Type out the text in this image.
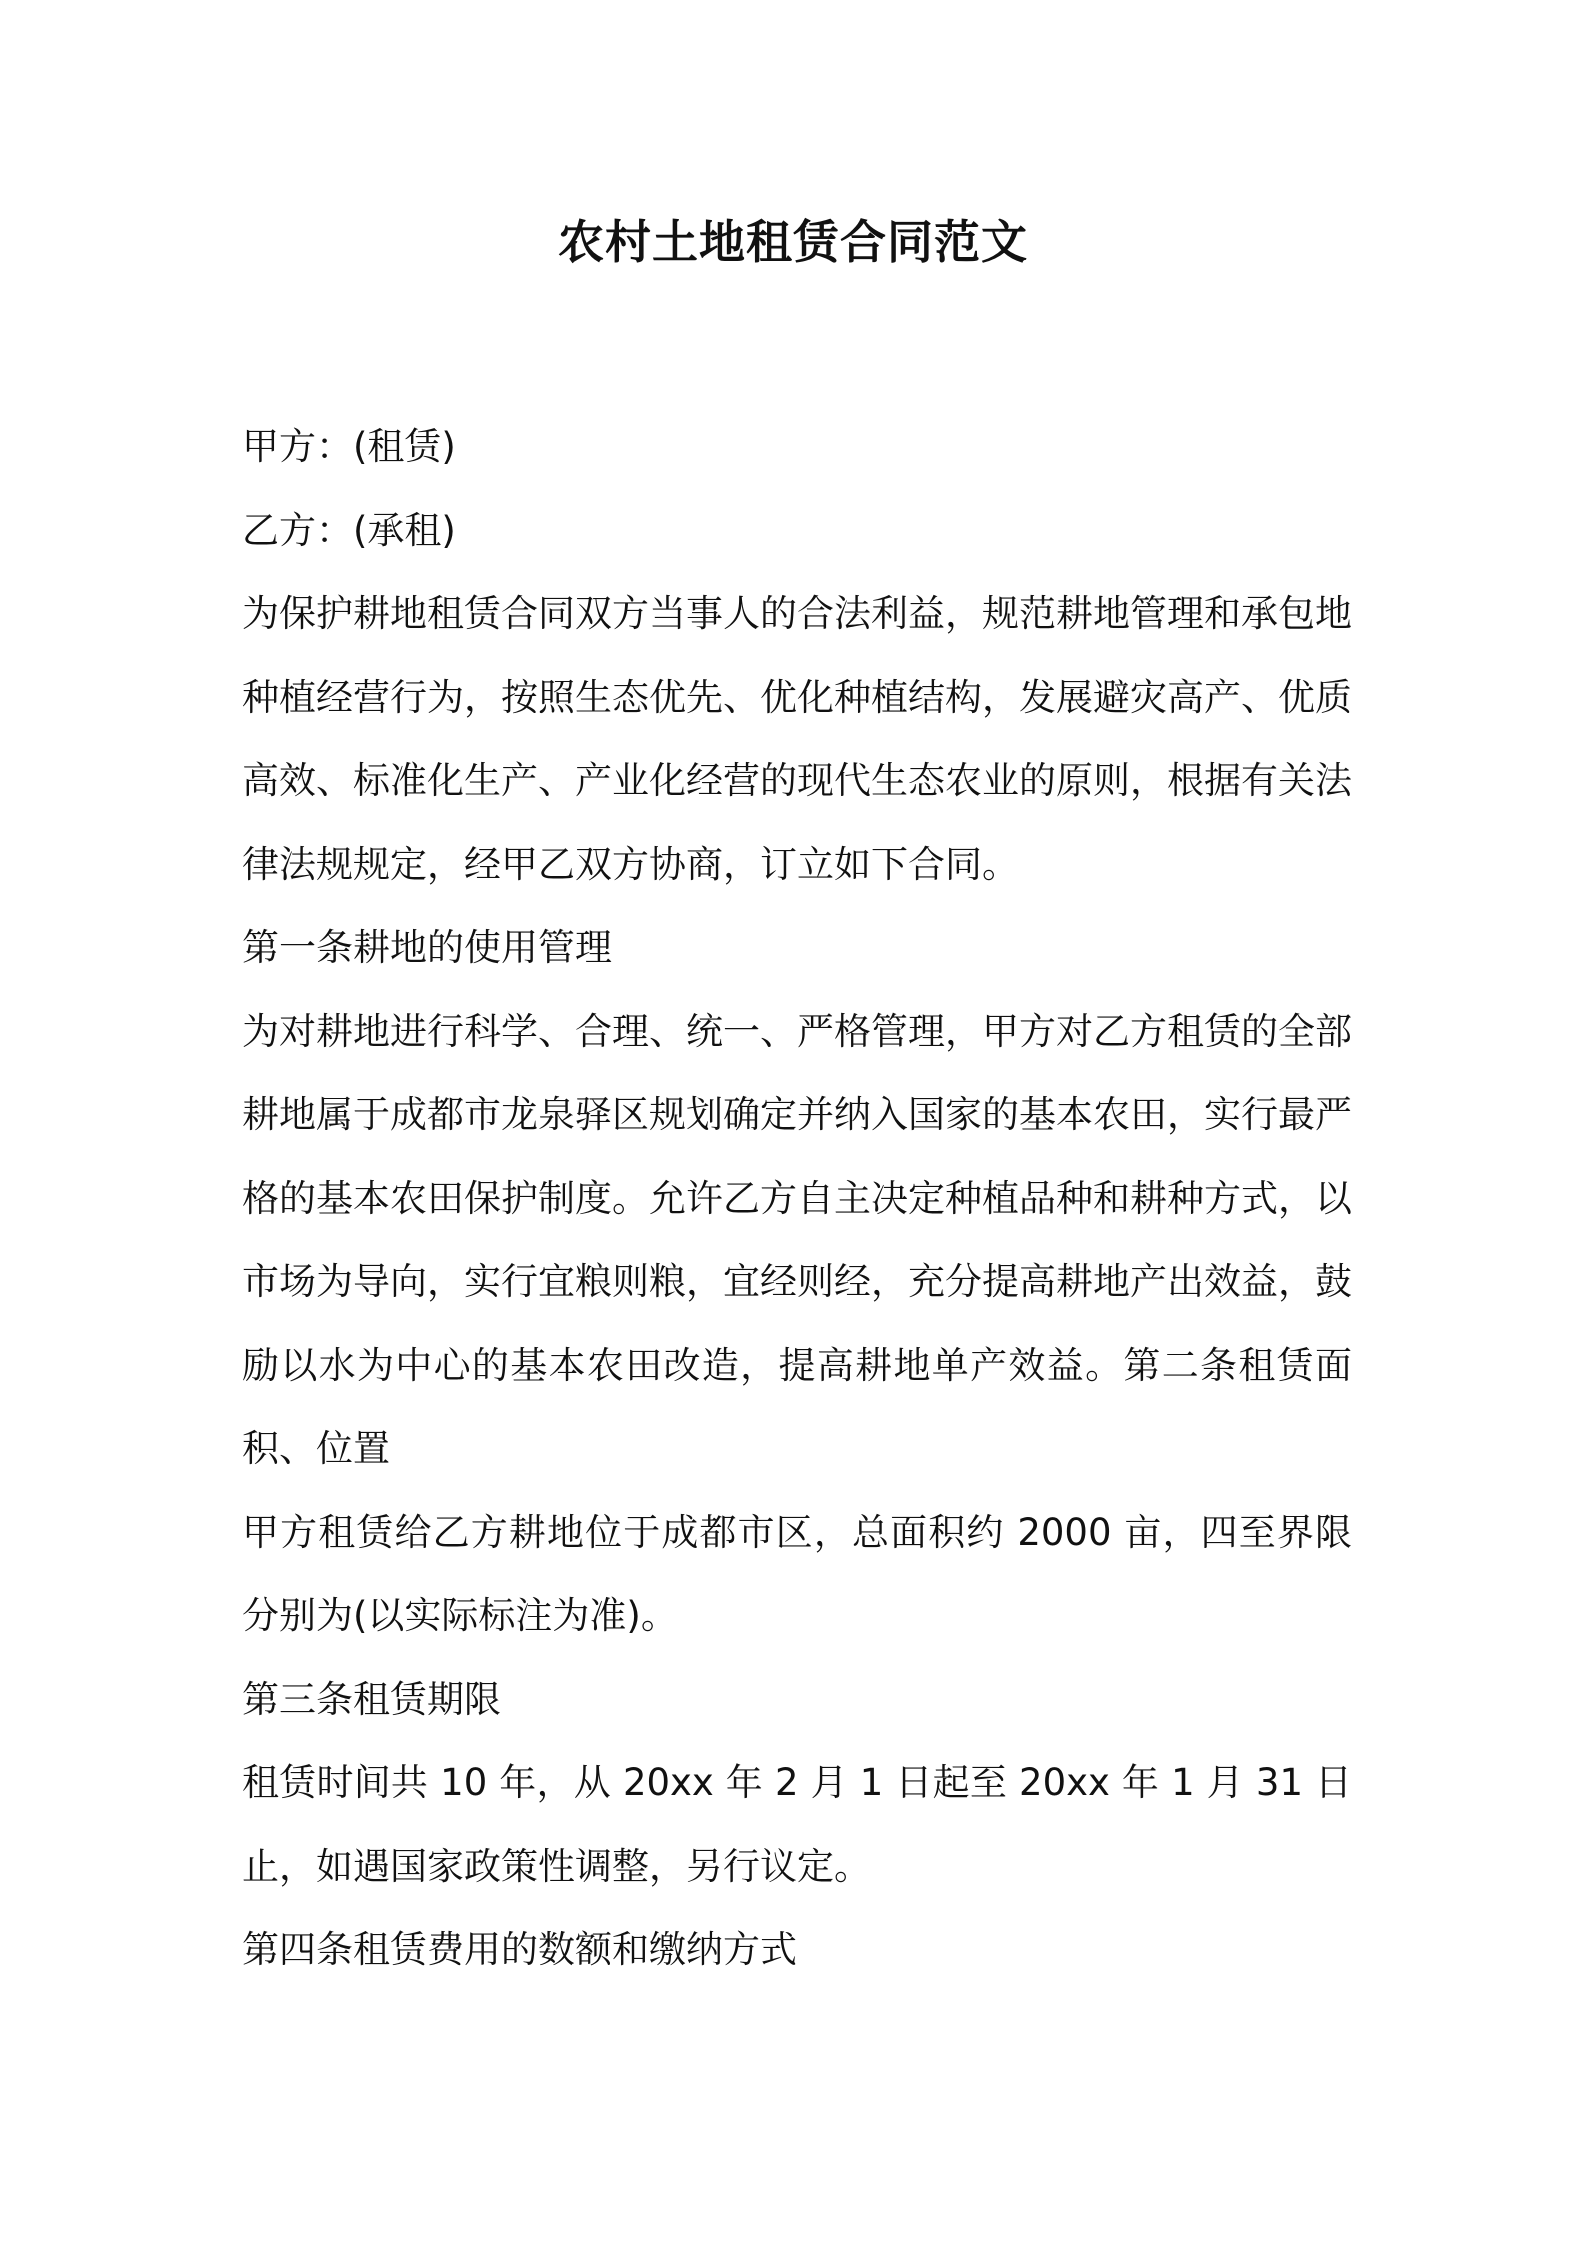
农村土地租赁合同范文

甲方：(租赁)

乙方：(承租)

为保护耕地租赁合同双方当事人的合法利益，规范耕地管理和承包地种植经营行为，按照生态优先、优化种植结构，发展避灾高产、优质高效、标准化生产、产业化经营的现代生态农业的原则，根据有关法律法规规定，经甲乙双方协商，订立如下合同。

第一条耕地的使用管理

为对耕地进行科学、合理、统一、严格管理，甲方对乙方租赁的全部耕地属于成都市龙泉驿区规划确定并纳入国家的基本农田，实行最严格的基本农田保护制度。允许乙方自主决定种植品种和耕种方式，以市场为导向，实行宜粮则粮，宜经则经，充分提高耕地产出效益，鼓励以水为中心的基本农田改造，提高耕地单产效益。第二条租赁面积、位置

甲方租赁给乙方耕地位于成都市区，总面积约 2000 亩，四至界限分别为(以实际标注为准)。

第三条租赁期限

租赁时间共 10 年，从 20xx 年 2 月 1 日起至 20xx 年 1 月 31 日止，如遇国家政策性调整，另行议定。

第四条租赁费用的数额和缴纳方式
